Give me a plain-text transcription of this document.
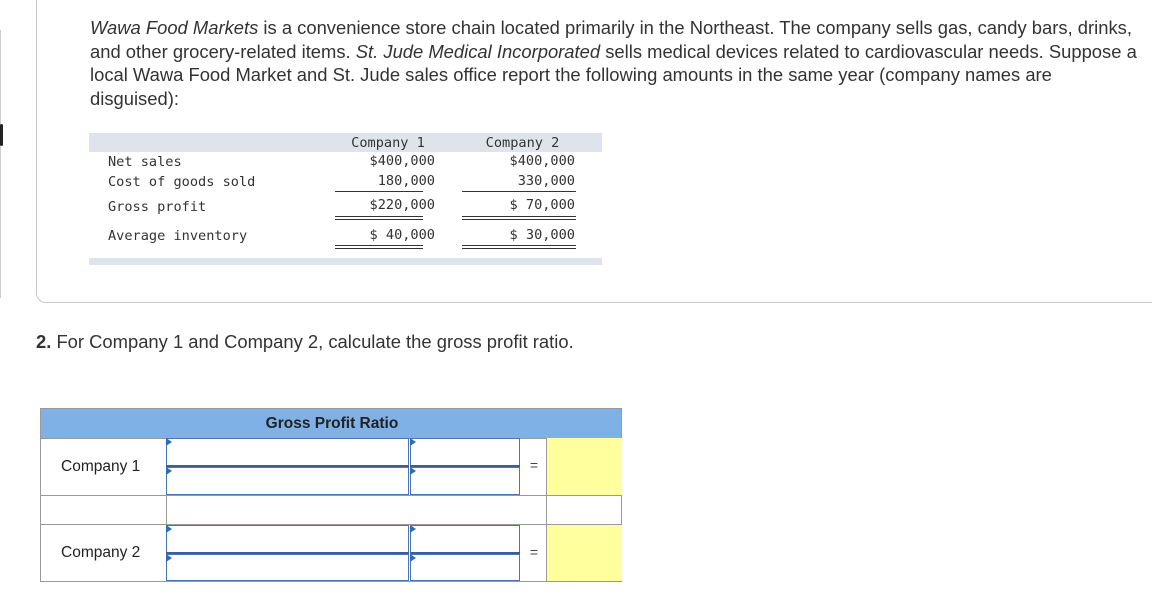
Wawa Food Markets is a convenience store chain located primarily in the Northeast. The company sells gas, candy bars, drinks, and other grocery-related items. St. Jude Medical Incorporated sells medical devices related to cardiovascular needs. Suppose a local Wawa Food Market and St. Jude sales office report the following amounts in the same year (company names are disguised):
Company 1	Company 2
Net sales	$400,000	$400,000
Cost of goods sold	180,000	330,000
Gross profit	$220,000	$ 70,000
Average inventory	$ 40,000	$ 30,000
2. For Company 1 and Company 2, calculate the gross profit ratio.
Gross Profit Ratio
Company 1	=
Company 2	=
